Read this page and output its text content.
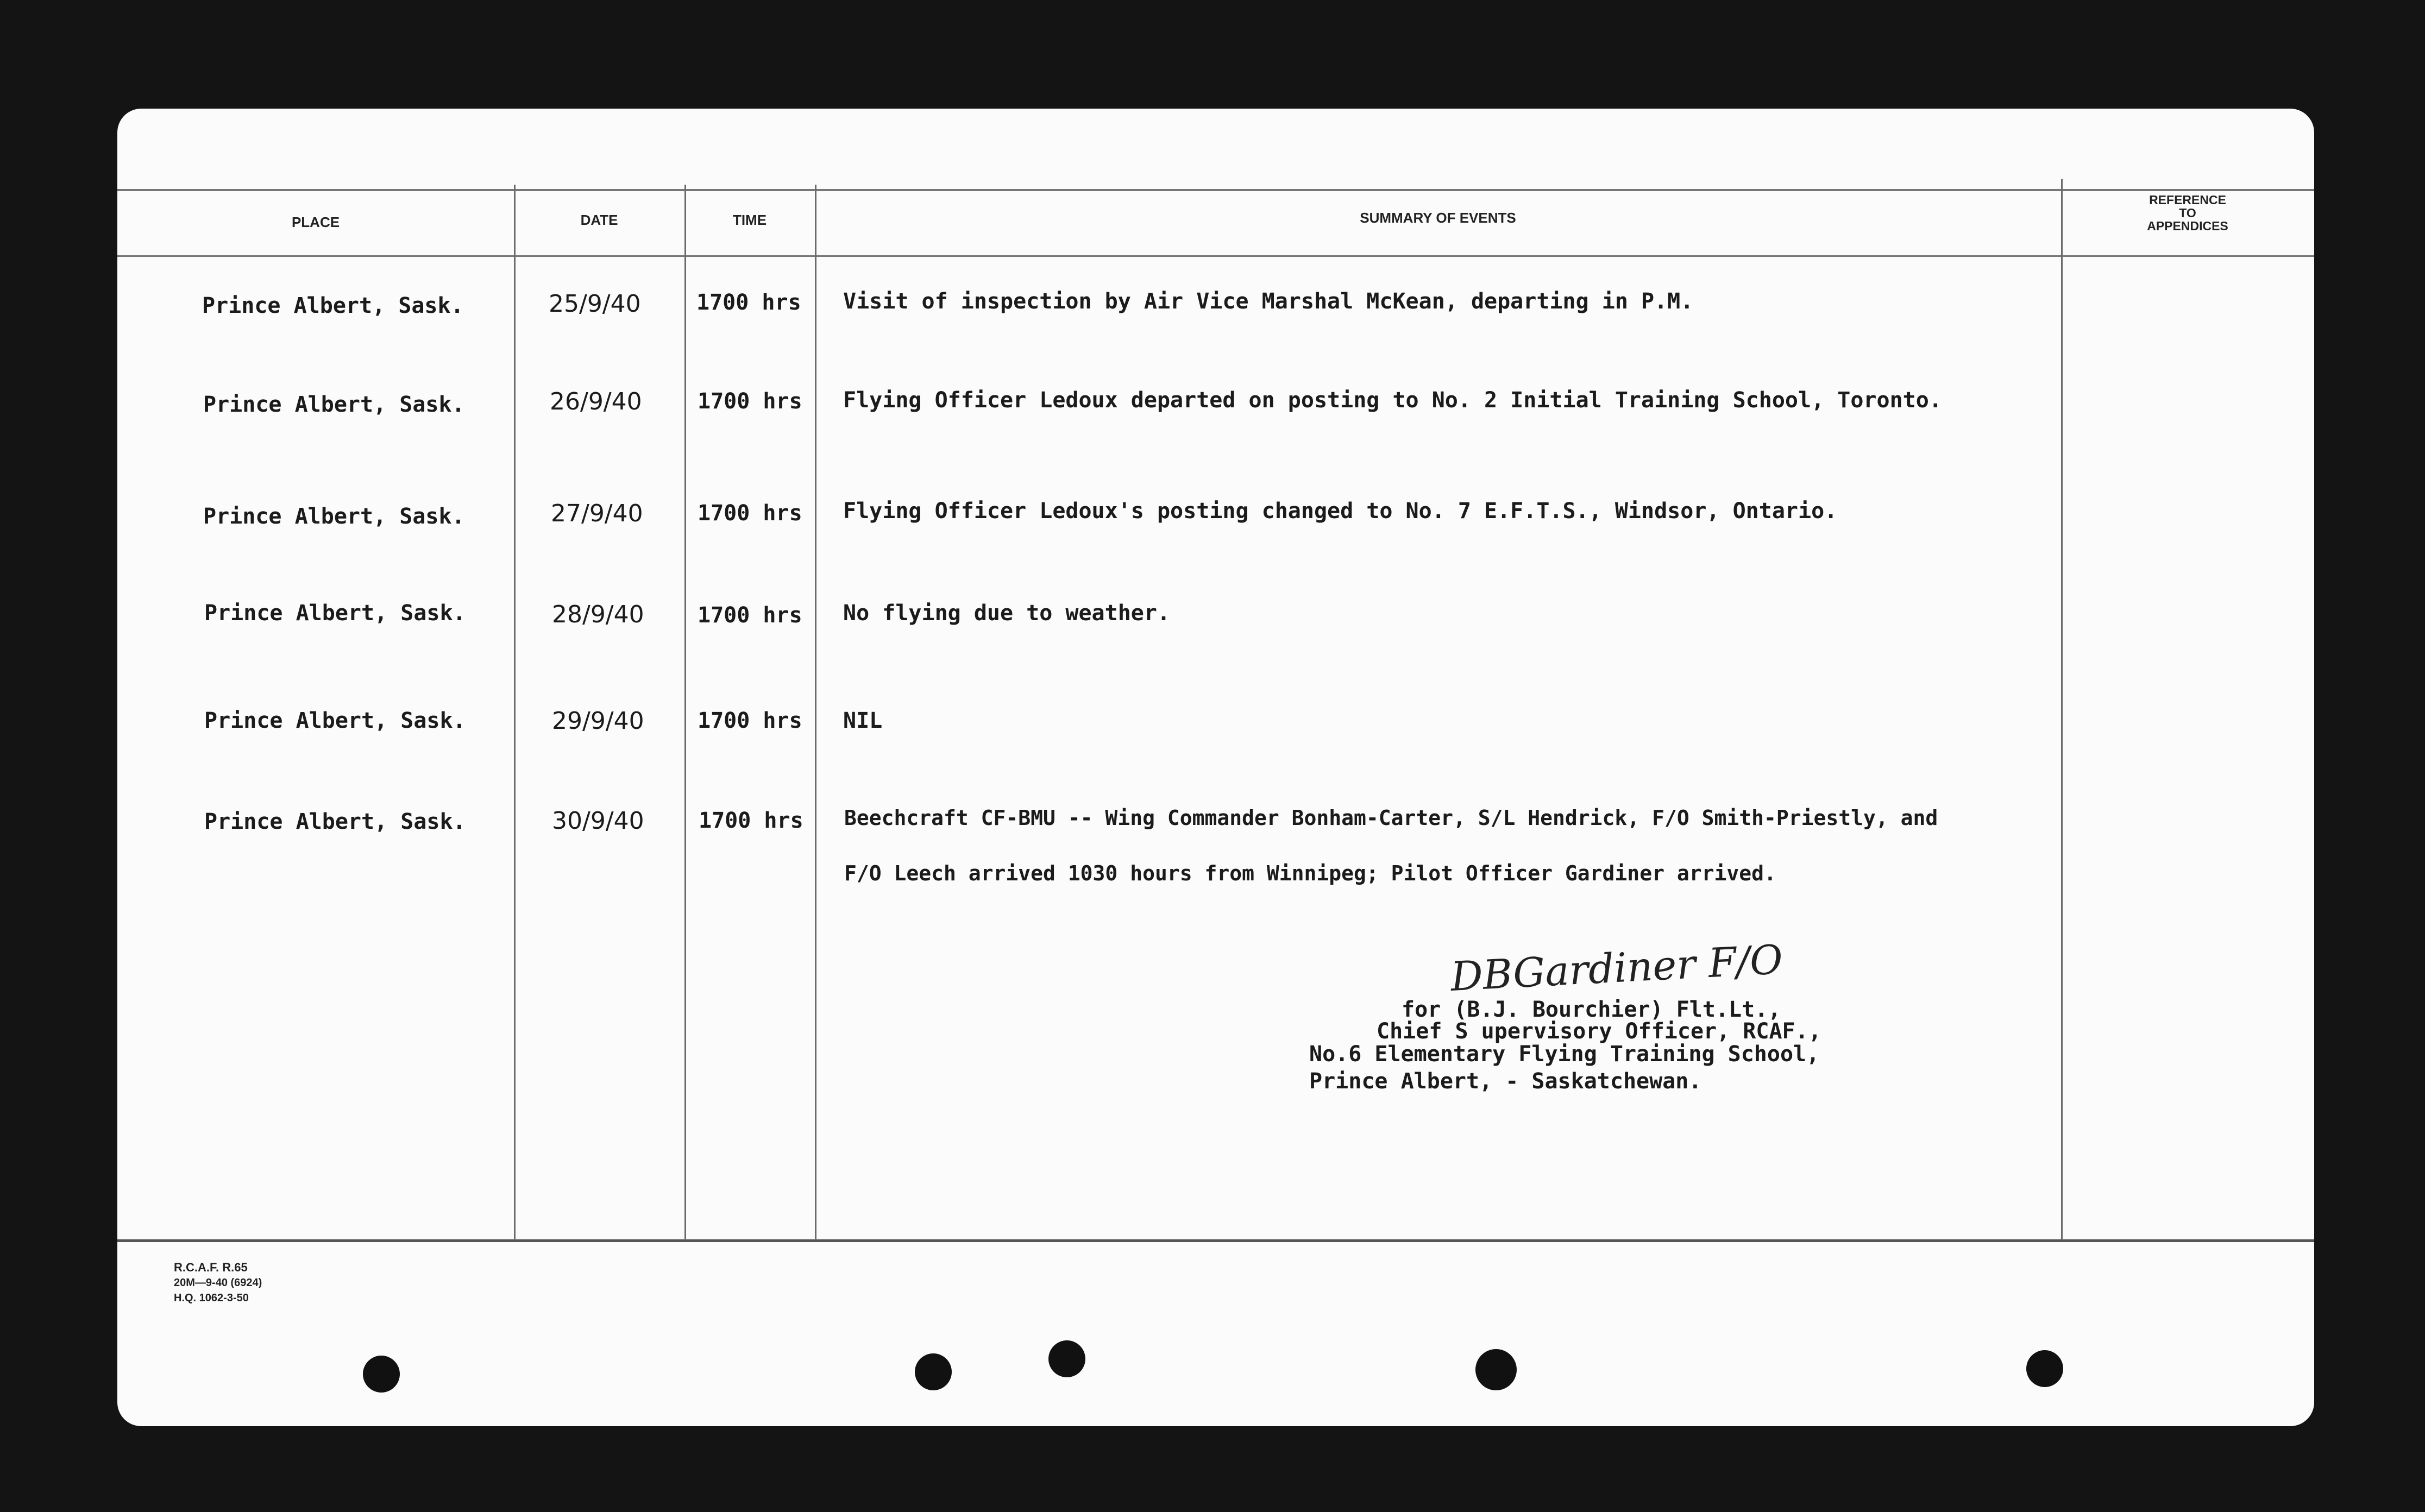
PLACE	DATE	TIME	SUMMARY OF EVENTS
REFERENCE
TO
APPENDICES
Prince Albert, Sask.	25/9/40	1700 hrs Visit of inspection by Air Vice Marshal McKean, departing in P.M.
Prince Albert, Sask.	26/9/40	1700 hrs Flying Officer Ledoux departed on posting to No. 2 Initial Training School, Toronto.
Prince Albert, Sask.	27/9/40	1700 hrs Flying Officer Ledoux's posting changed to No. 7 E.F.T.S., Windsor, Ontario.
Prince Albert, Sask.	28/9/40 1700 hrs No flying due to weather.
Prince Albert, Sask.	29/9/40 1700 hrs NIL
Prince Albert, Sask.	30/9/40	1700 hrs Beechcraft CF-BMU -- Wing Commander Bonham-Carter, S/L Hendrick, F/O Smith-Priestly, and
F/O Leech arrived 1030 hours from Winnipeg; Pilot Officer Gardiner arrived.
DBGardiner F/O
for (B.J. Bourchier) Flt.Lt.,
Chief S upervisory Officer, RCAF.,
No.6 Elementary Flying Training School,
Prince Albert, - Saskatchewan.
R.C.A.F. R.65
20M—9-40 (6924)
H.Q. 1062-3-50
